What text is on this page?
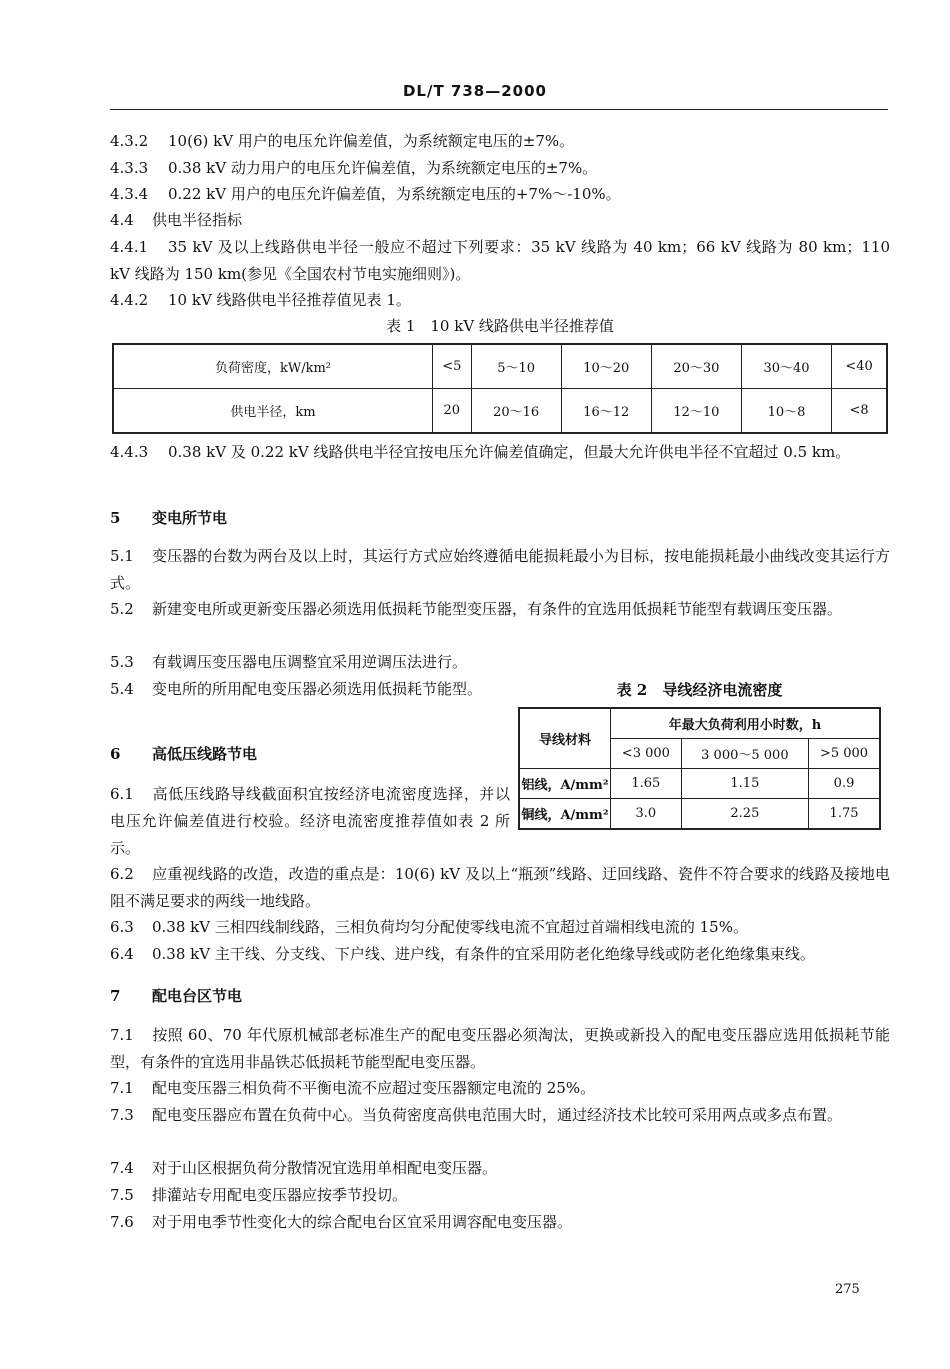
DL/T 738—2000

4.3.2 10(6) kV 用户的电压允许偏差值，为系统额定电压的±7%。

4.3.3 0.38 kV 动力用户的电压允许偏差值，为系统额定电压的±7%。

4.3.4 0.22 kV 用户的电压允许偏差值，为系统额定电压的+7%～-10%。

4.4 供电半径指标

4.4.1 35 kV 及以上线路供电半径一般应不超过下列要求：35 kV 线路为 40 km；66 kV 线路为 80 km；110 kV 线路为 150 km(参见《全国农村节电实施细则》)。

4.4.2 10 kV 线路供电半径推荐值见表 1。

表 1　10 kV 线路供电半径推荐值
负荷密度，kW/km²	<5	5～10	10～20	20～30	30～40	<40
供电半径，km	20	20～16	16～12	12～10	10～8	<8

4.4.3 0.38 kV 及 0.22 kV 线路供电半径宜按电压允许偏差值确定，但最大允许供电半径不宜超过 0.5 km。

5 变电所节电

5.1 变压器的台数为两台及以上时，其运行方式应始终遵循电能损耗最小为目标，按电能损耗最小曲线改变其运行方式。

5.2 新建变电所或更新变压器必须选用低损耗节能型变压器，有条件的宜选用低损耗节能型有载调压变压器。

5.3 有载调压变压器电压调整宜采用逆调压法进行。

5.4 变电所的所用配电变压器必须选用低损耗节能型。

6 高低压线路节电

6.1 高低压线路导线截面积宜按经济电流密度选择，并以电压允许偏差值进行校验。经济电流密度推荐值如表 2 所示。

表 2　导线经济电流密度
导线材料	年最大负荷利用小时数，h		
	<3 000	3 000～5 000	>5 000
铝线，A/mm²	1.65	1.15	0.9
铜线，A/mm²	3.0	2.25	1.75

6.2 应重视线路的改造，改造的重点是：10(6) kV 及以上“瓶颈”线路、迂回线路、瓷件不符合要求的线路及接地电阻不满足要求的两线一地线路。

6.3 0.38 kV 三相四线制线路，三相负荷均匀分配使零线电流不宜超过首端相线电流的 15%。

6.4 0.38 kV 主干线、分支线、下户线、进户线，有条件的宜采用防老化绝缘导线或防老化绝缘集束线。

7 配电台区节电

7.1 按照 60、70 年代原机械部老标准生产的配电变压器必须淘汰，更换或新投入的配电变压器应选用低损耗节能型，有条件的宜选用非晶铁芯低损耗节能型配电变压器。

7.1 配电变压器三相负荷不平衡电流不应超过变压器额定电流的 25%。

7.3 配电变压器应布置在负荷中心。当负荷密度高供电范围大时，通过经济技术比较可采用两点或多点布置。

7.4 对于山区根据负荷分散情况宜选用单相配电变压器。

7.5 排灌站专用配电变压器应按季节投切。

7.6 对于用电季节性变化大的综合配电台区宜采用调容配电变压器。

275
